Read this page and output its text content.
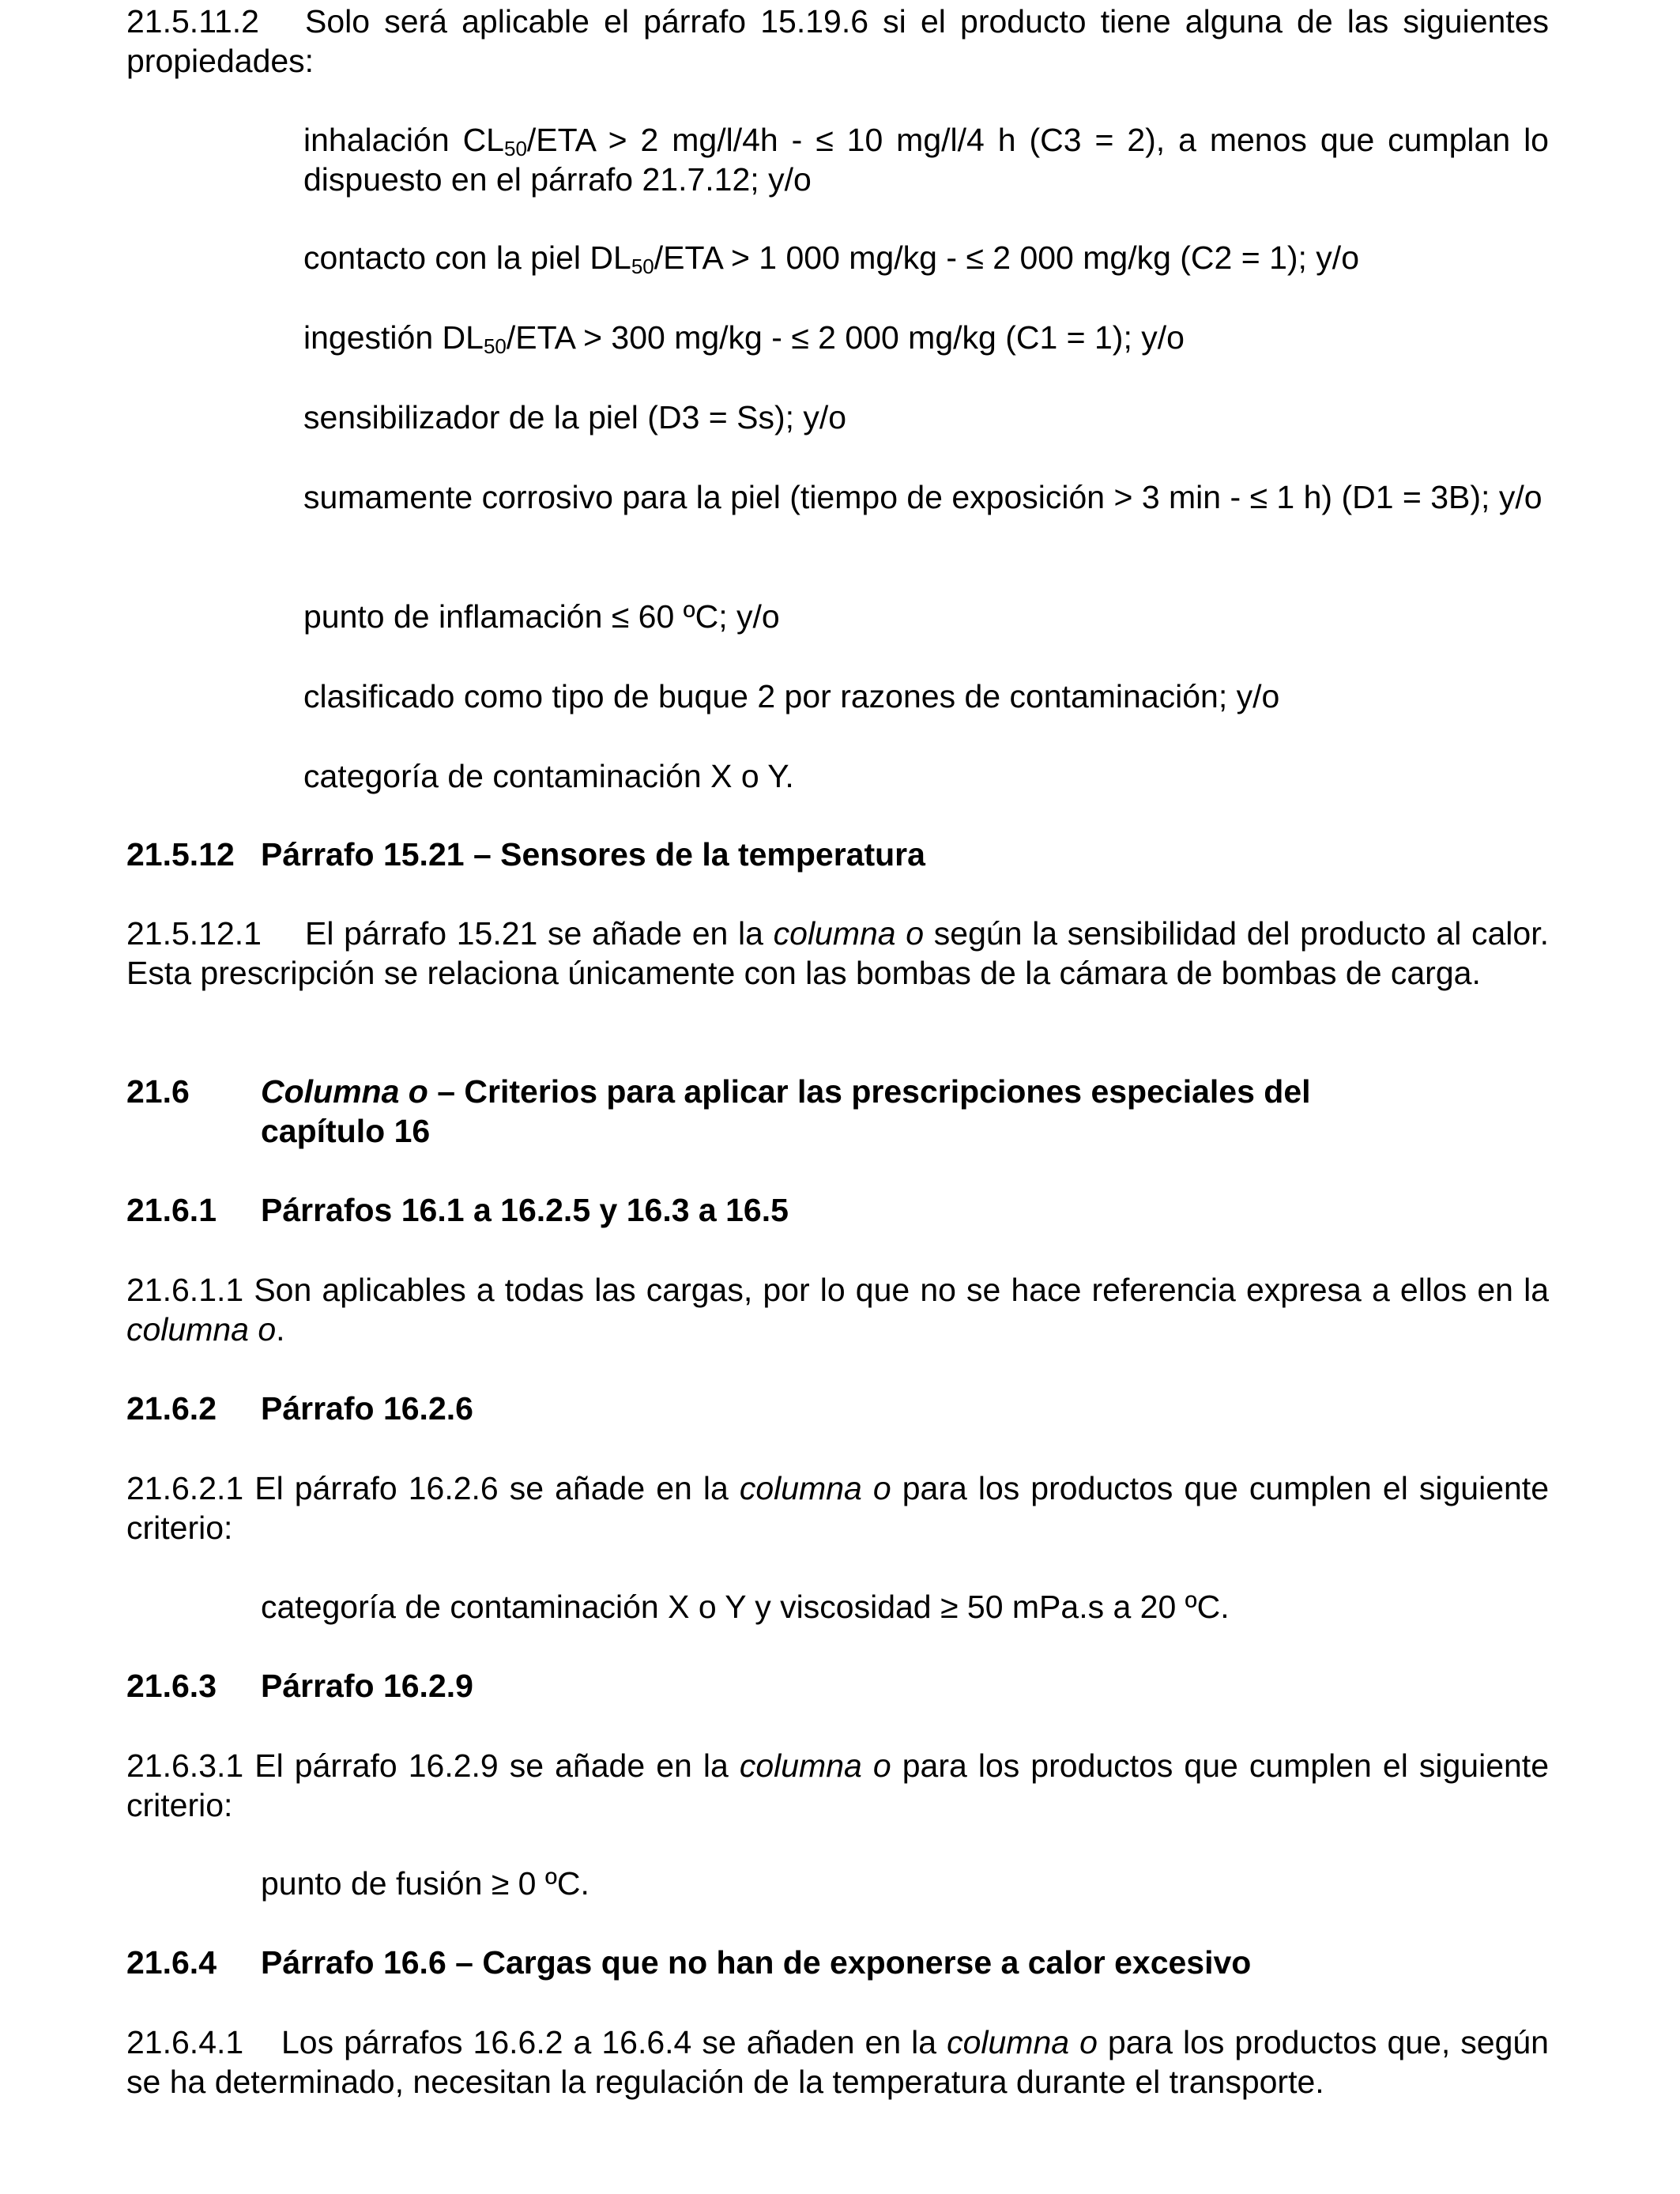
21.5.11.2 Solo será aplicable el párrafo 15.19.6 si el producto tiene alguna de las siguientes propiedades:
inhalación $CL_{50}$/ETA > 2 mg/l/4h - ≤ 10 mg/l/4 h (C3 = 2), a menos que cumplan lo dispuesto en el párrafo 21.7.12; y/o
contacto con la piel $DL_{50}$/ETA > 1 000 mg/kg - ≤ 2 000 mg/kg (C2 = 1); y/o
ingestión $DL_{50}$/ETA > 300 mg/kg - ≤ 2 000 mg/kg (C1 = 1); y/o
sensibilizador de la piel (D3 = Ss); y/o
sumamente corrosivo para la piel (tiempo de exposición > 3 min - ≤ 1 h) (D1 = 3B); y/o
punto de inflamación ≤ 60 ºC; y/o
clasificado como tipo de buque 2 por razones de contaminación; y/o
categoría de contaminación X o Y.
21.5.12 Párrafo 15.21 – Sensores de la temperatura
21.5.12.1 El párrafo 15.21 se añade en la columna o según la sensibilidad del producto al calor. Esta prescripción se relaciona únicamente con las bombas de la cámara de bombas de carga.
21.6 Columna o – Criterios para aplicar las prescripciones especiales del capítulo 16
21.6.1 Párrafos 16.1 a 16.2.5 y 16.3 a 16.5
21.6.1.1 Son aplicables a todas las cargas, por lo que no se hace referencia expresa a ellos en la columna o.
21.6.2 Párrafo 16.2.6
21.6.2.1 El párrafo 16.2.6 se añade en la columna o para los productos que cumplen el siguiente criterio:
categoría de contaminación X o Y y viscosidad ≥ 50 mPa.s a 20 ºC.
21.6.3 Párrafo 16.2.9
21.6.3.1 El párrafo 16.2.9 se añade en la columna o para los productos que cumplen el siguiente criterio:
punto de fusión ≥ 0 ºC.
21.6.4 Párrafo 16.6 – Cargas que no han de exponerse a calor excesivo
21.6.4.1 Los párrafos 16.6.2 a 16.6.4 se añaden en la columna o para los productos que, según se ha determinado, necesitan la regulación de la temperatura durante el transporte.
